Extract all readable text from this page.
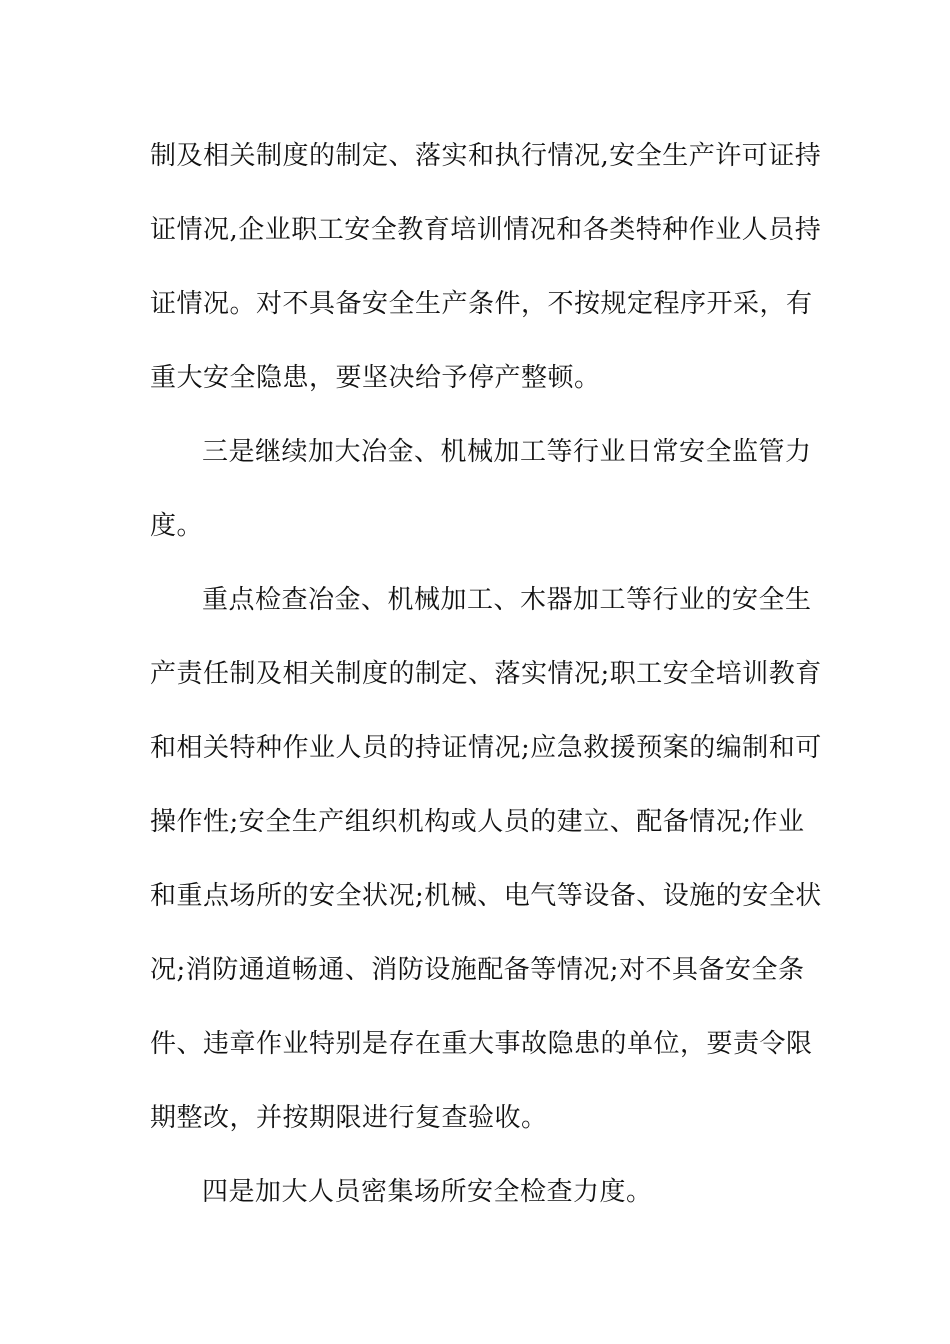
制及相关制度的制定、落实和执行情况,安全生产许可证持
证情况,企业职工安全教育培训情况和各类特种作业人员持
证情况。对不具备安全生产条件，不按规定程序开采，有
重大安全隐患，要坚决给予停产整顿。
三是继续加大冶金、机械加工等行业日常安全监管力
度。
重点检查冶金、机械加工、木器加工等行业的安全生
产责任制及相关制度的制定、落实情况;职工安全培训教育
和相关特种作业人员的持证情况;应急救援预案的编制和可
操作性;安全生产组织机构或人员的建立、配备情况;作业
和重点场所的安全状况;机械、电气等设备、设施的安全状
况;消防通道畅通、消防设施配备等情况;对不具备安全条
件、违章作业特别是存在重大事故隐患的单位，要责令限
期整改，并按期限进行复查验收。
四是加大人员密集场所安全检查力度。
